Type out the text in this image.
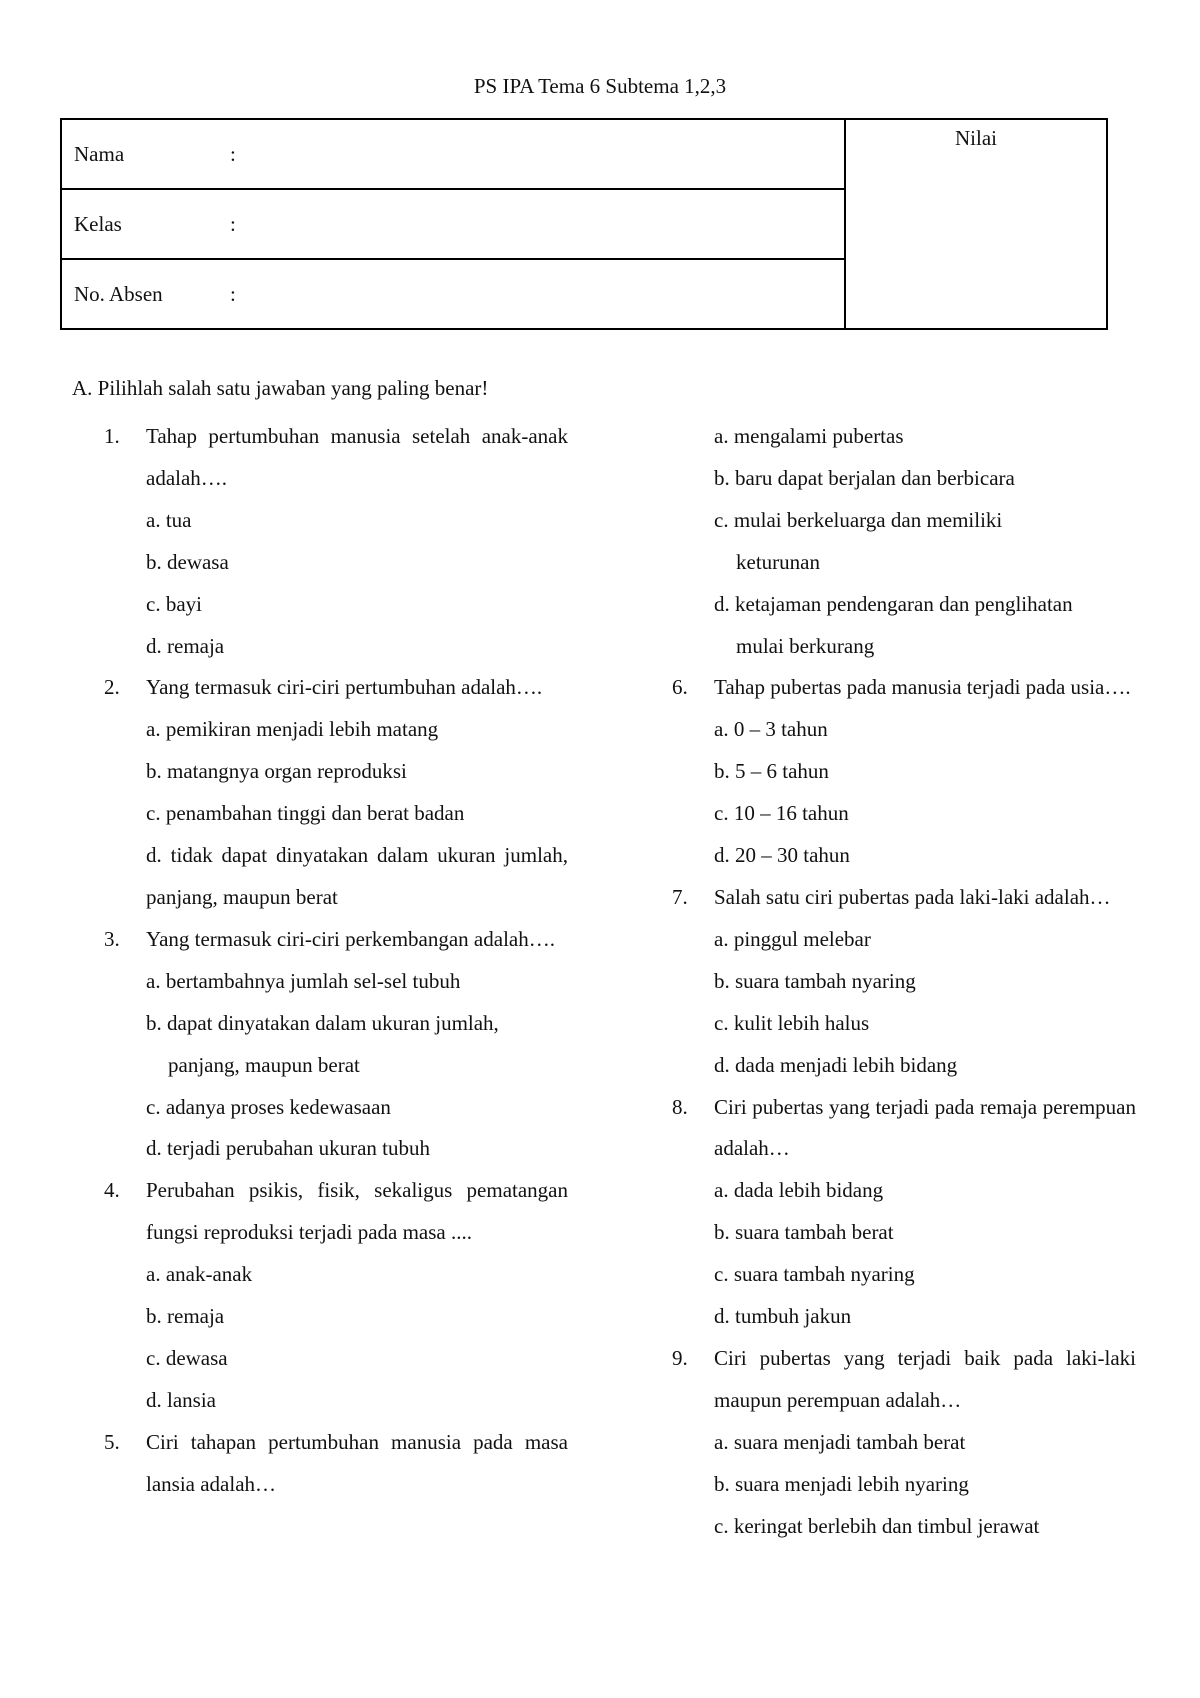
PS IPA Tema 6 Subtema 1,2,3
Nama	:	Nilai
Kelas	:
No. Absen	:
A. Pilihlah salah satu jawaban yang paling benar!
1. Tahap pertumbuhan manusia setelah anak-anak adalah….
a. tua
b. dewasa
c. bayi
d. remaja
2. Yang termasuk ciri-ciri pertumbuhan adalah….
a. pemikiran menjadi lebih matang
b. matangnya organ reproduksi
c. penambahan tinggi dan berat badan
d. tidak dapat dinyatakan dalam ukuran jumlah, panjang, maupun berat
3. Yang termasuk ciri-ciri perkembangan adalah….
a. bertambahnya jumlah sel-sel tubuh
b. dapat dinyatakan dalam ukuran jumlah,
panjang, maupun berat
c. adanya proses kedewasaan
d. terjadi perubahan ukuran tubuh
4. Perubahan psikis, fisik, sekaligus pematangan fungsi reproduksi terjadi pada masa ....
a. anak-anak
b. remaja
c. dewasa
d. lansia
5. Ciri tahapan pertumbuhan manusia pada masa lansia adalah…
a. mengalami pubertas
b. baru dapat berjalan dan berbicara
c. mulai berkeluarga dan memiliki
keturunan
d. ketajaman pendengaran dan penglihatan
mulai berkurang
6. Tahap pubertas pada manusia terjadi pada usia….
a. 0 – 3 tahun
b. 5 – 6 tahun
c. 10 – 16 tahun
d. 20 – 30 tahun
7. Salah satu ciri pubertas pada laki-laki adalah…
a. pinggul melebar
b. suara tambah nyaring
c. kulit lebih halus
d. dada menjadi lebih bidang
8. Ciri pubertas yang terjadi pada remaja perempuan adalah…
a. dada lebih bidang
b. suara tambah berat
c. suara tambah nyaring
d. tumbuh jakun
9. Ciri pubertas yang terjadi baik pada laki-laki maupun perempuan adalah…
a. suara menjadi tambah berat
b. suara menjadi lebih nyaring
c. keringat berlebih dan timbul jerawat
